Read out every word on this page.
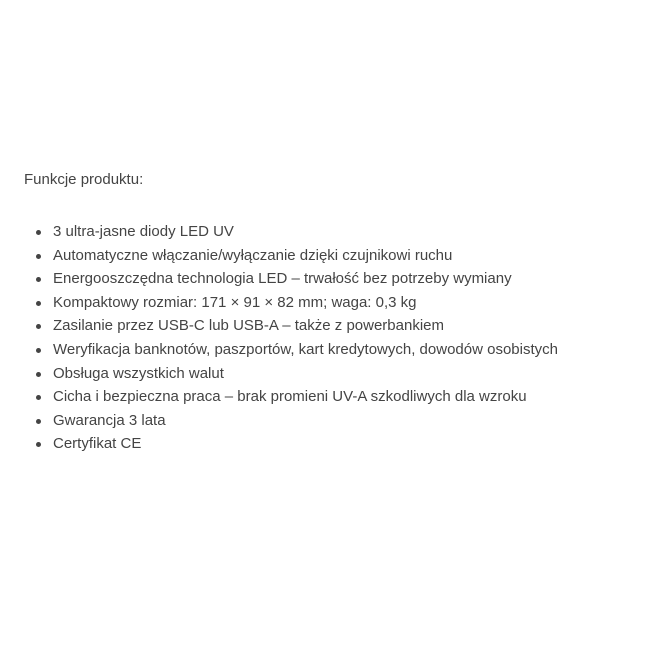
Funkcje produktu:

3 ultra-jasne diody LED UV
Automatyczne włączanie/wyłączanie dzięki czujnikowi ruchu
Energooszczędna technologia LED – trwałość bez potrzeby wymiany
Kompaktowy rozmiar: 171 × 91 × 82 mm; waga: 0,3 kg
Zasilanie przez USB-C lub USB-A – także z powerbankiem
Weryfikacja banknotów, paszportów, kart kredytowych, dowodów osobistych
Obsługa wszystkich walut
Cicha i bezpieczna praca – brak promieni UV-A szkodliwych dla wzroku
Gwarancja 3 lata
Certyfikat CE
